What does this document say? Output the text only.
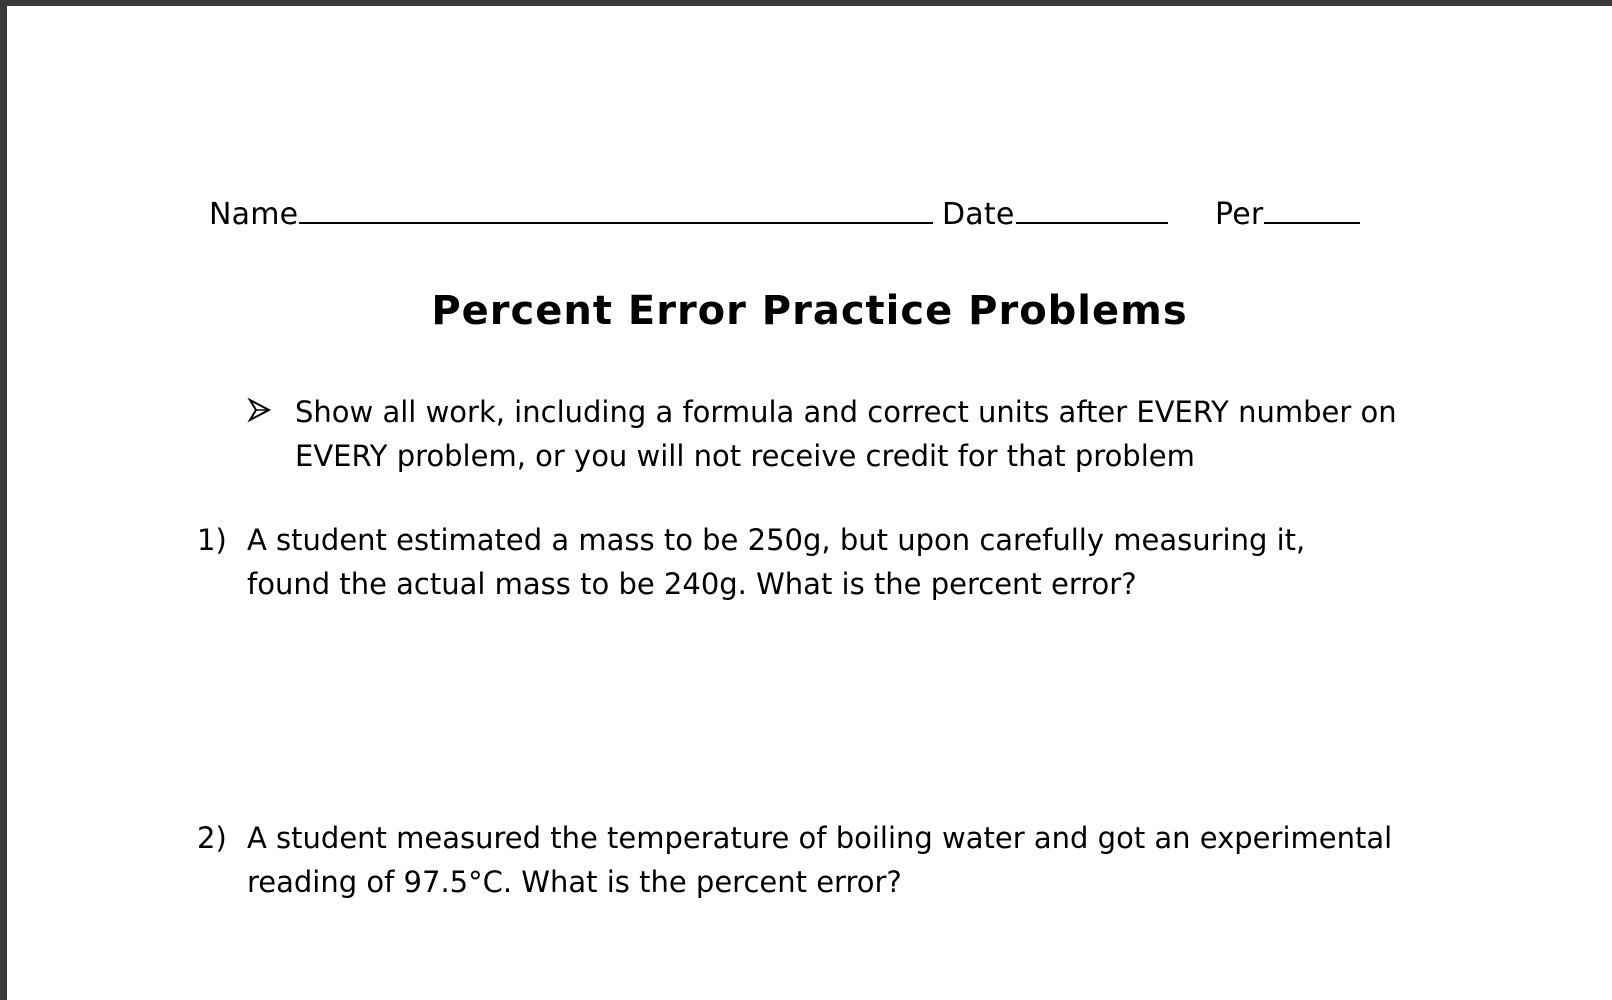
Name	Date	Per
Percent Error Practice Problems
Show all work, including a formula and correct units after EVERY number on EVERY problem, or you will not receive credit for that problem
1) A student estimated a mass to be 250g, but upon carefully measuring it, found the actual mass to be 240g. What is the percent error?
2) A student measured the temperature of boiling water and got an experimental reading of 97.5°C. What is the percent error?
